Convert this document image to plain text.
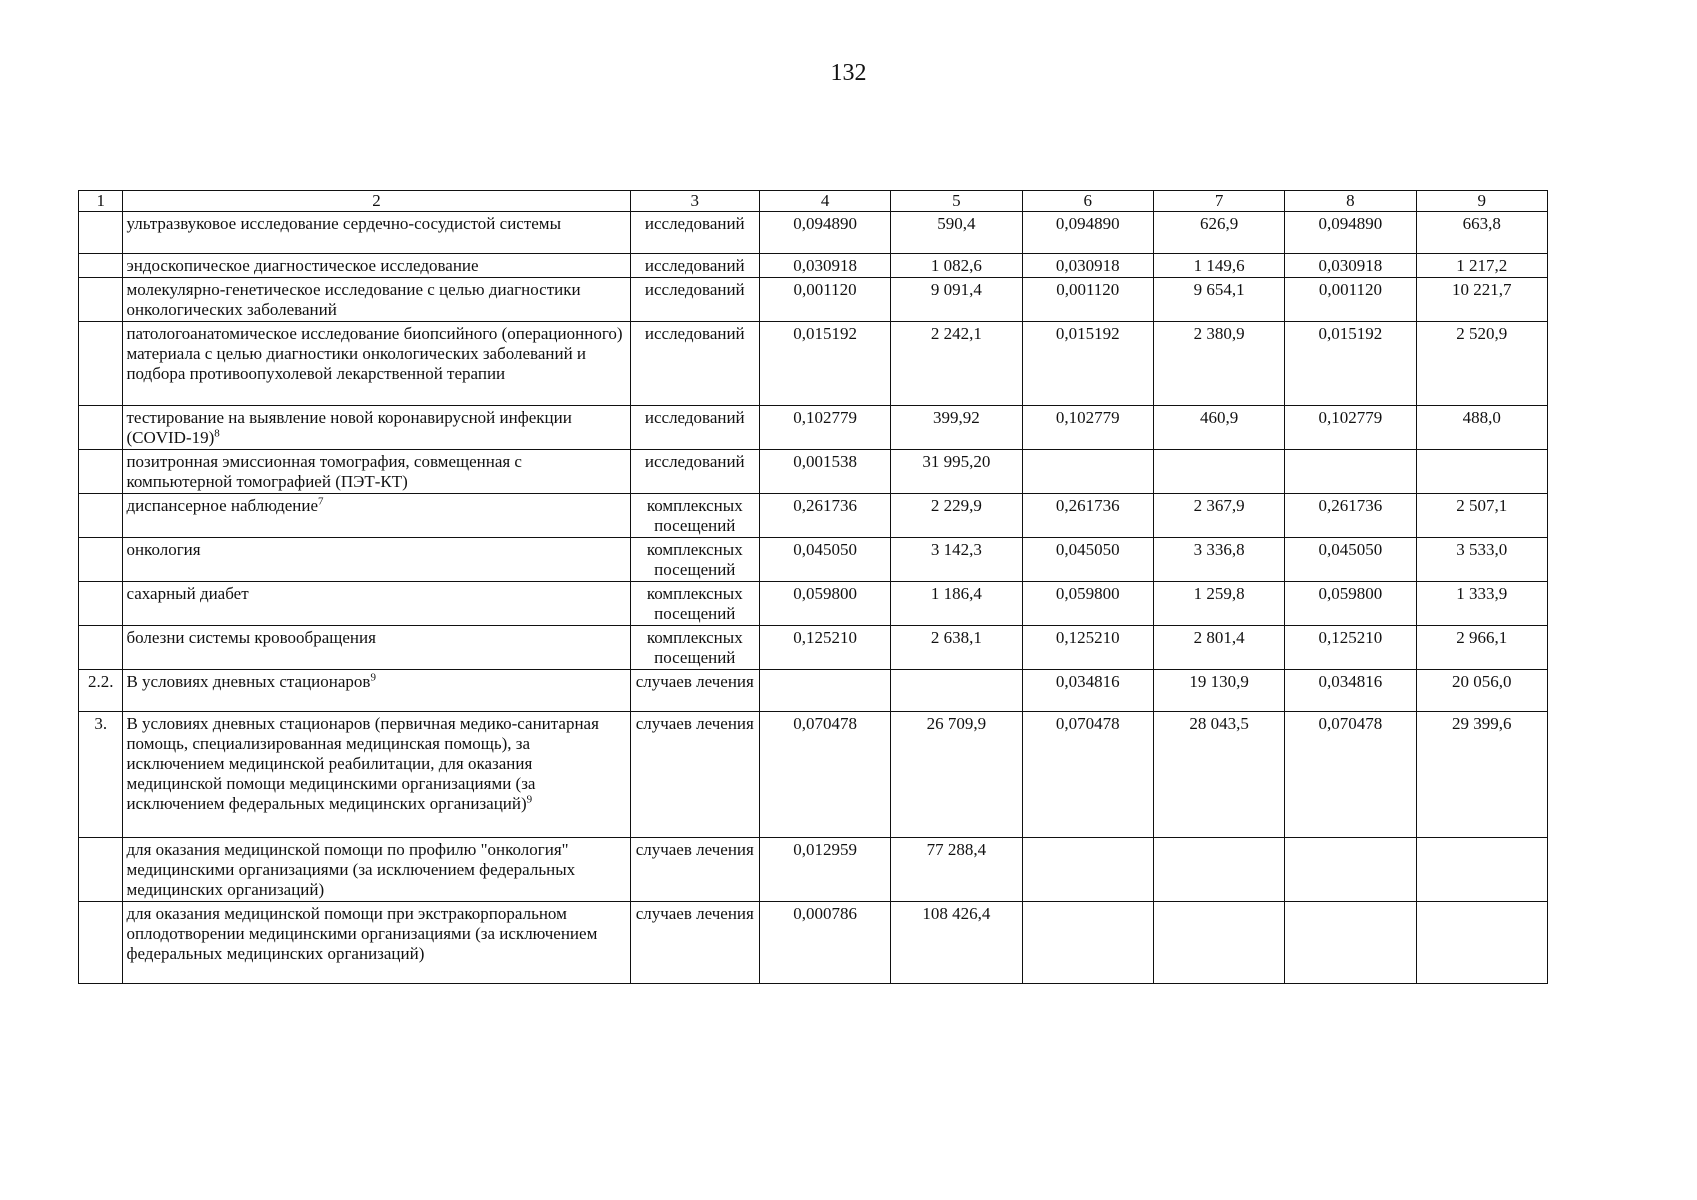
132
1	2	3	4	5	6	7	8	9
	ультразвуковое исследование сердечно-сосудистой системы	исследований	0,094890	590,4	0,094890	626,9	0,094890	663,8
	эндоскопическое диагностическое исследование	исследований	0,030918	1 082,6	0,030918	1 149,6	0,030918	1 217,2
	молекулярно-генетическое исследование с целью диагностики онкологических заболеваний	исследований	0,001120	9 091,4	0,001120	9 654,1	0,001120	10 221,7
	патологоанатомическое исследование биопсийного (операционного) материала с целью диагностики онкологических заболеваний и подбора противоопухолевой лекарственной терапии	исследований	0,015192	2 242,1	0,015192	2 380,9	0,015192	2 520,9
	тестирование на выявление новой коронавирусной инфекции (COVID-19)$^8$	исследований	0,102779	399,92	0,102779	460,9	0,102779	488,0
	позитронная эмиссионная томография, совмещенная с компьютерной томографией (ПЭТ-КТ)	исследований	0,001538	31 995,20				
	диспансерное наблюдение$^7$	комплексных посещений	0,261736	2 229,9	0,261736	2 367,9	0,261736	2 507,1
	онкология	комплексных посещений	0,045050	3 142,3	0,045050	3 336,8	0,045050	3 533,0
	сахарный диабет	комплексных посещений	0,059800	1 186,4	0,059800	1 259,8	0,059800	1 333,9
	болезни системы кровообращения	комплексных посещений	0,125210	2 638,1	0,125210	2 801,4	0,125210	2 966,1
2.2.	В условиях дневных стационаров$^9$	случаев лечения			0,034816	19 130,9	0,034816	20 056,0
3.	В условиях дневных стационаров (первичная медико-санитарная помощь, специализированная медицинская помощь), за исключением медицинской реабилитации, для оказания медицинской помощи медицинскими организациями (за исключением федеральных медицинских организаций)$^9$	случаев лечения	0,070478	26 709,9	0,070478	28 043,5	0,070478	29 399,6
	для оказания медицинской помощи по профилю "онкология" медицинскими организациями (за исключением федеральных медицинских организаций)	случаев лечения	0,012959	77 288,4				
	для оказания медицинской помощи при экстракорпоральном оплодотворении медицинскими организациями (за исключением федеральных медицинских организаций)	случаев лечения	0,000786	108 426,4				
